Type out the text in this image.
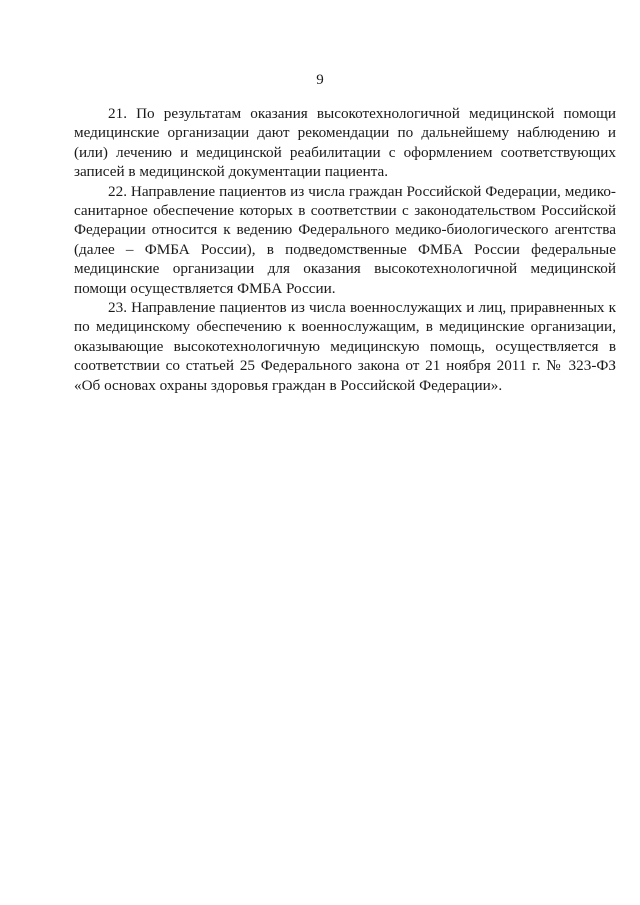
9

21. По результатам оказания высокотехнологичной медицинской помощи медицинские организации дают рекомендации по дальнейшему наблюдению и (или) лечению и медицинской реабилитации с оформлением соответствующих записей в медицинской документации пациента.

22. Направление пациентов из числа граждан Российской Федерации, медико-санитарное обеспечение которых в соответствии с законодательством Российской Федерации относится к ведению Федерального медико-биологического агентства (далее – ФМБА России), в подведомственные ФМБА России федеральные медицинские организации для оказания высокотехнологичной медицинской помощи осуществляется ФМБА России.

23. Направление пациентов из числа военнослужащих и лиц, приравненных к по медицинскому обеспечению к военнослужащим, в медицинские организации, оказывающие высокотехнологичную медицинскую помощь, осуществляется в соответствии со статьей 25 Федерального закона от 21 ноября 2011 г. № 323-ФЗ «Об основах охраны здоровья граждан в Российской Федерации».
